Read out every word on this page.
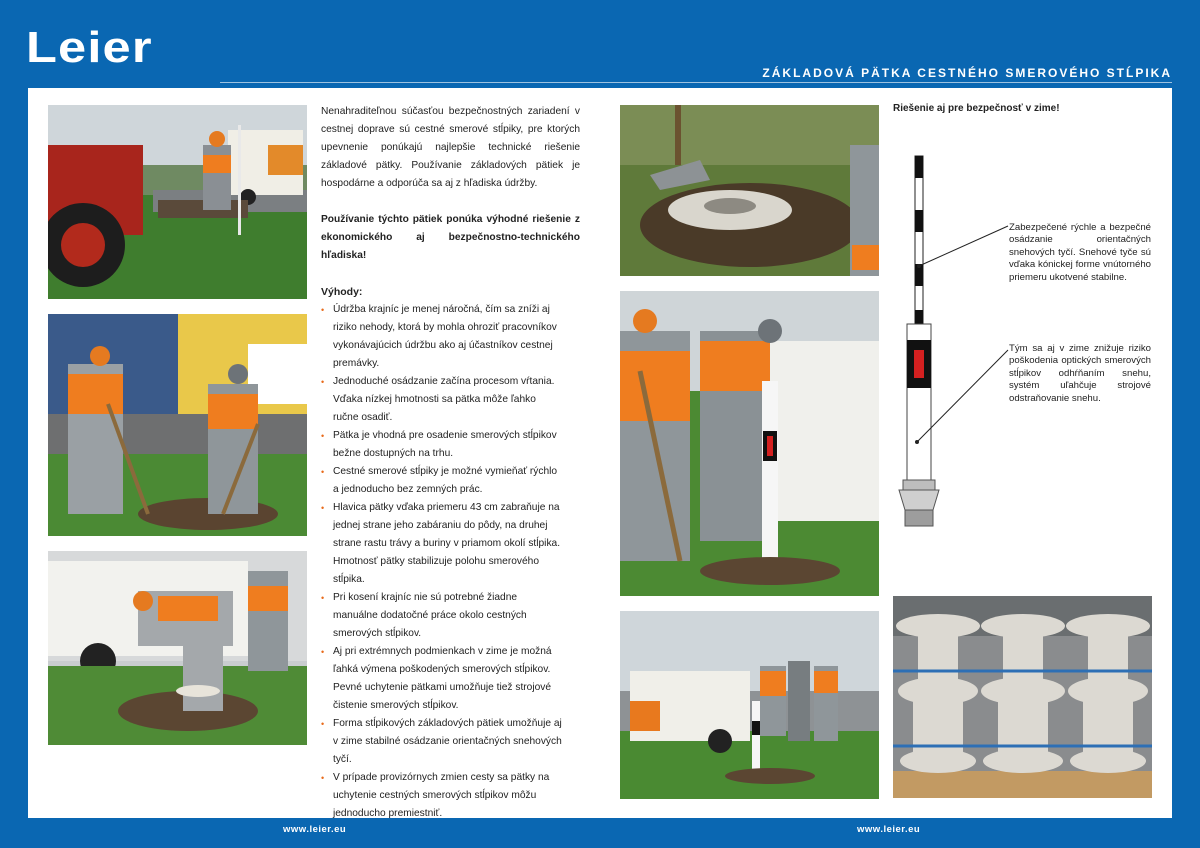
Leier
ZÁKLADOVÁ PÄTKA CESTNÉHO SMEROVÉHO STĹPIKA

Nenahraditeľnou súčasťou bezpečnostných zariadení v cestnej doprave sú cestné smerové stĺpiky, pre ktorých upevnenie ponúkajú najlepšie technické riešenie základové pätky. Používanie základových pätiek je hospodárne a odporúča sa aj z hľadiska údržby.

Používanie týchto pätiek ponúka výhodné riešenie z ekonomického aj bezpečnostno-technického hľadiska!

Výhody:
• Údržba krajníc je menej náročná, čím sa zníži aj riziko nehody, ktorá by mohla ohroziť pracovníkov vykonávajúcich údržbu ako aj účastníkov cestnej premávky.
• Jednoduché osádzanie začína procesom vŕtania. Vďaka nízkej hmotnosti sa pätka môže ľahko ručne osadiť.
• Pätka je vhodná pre osadenie smerových stĺpikov bežne dostupných na trhu.
• Cestné smerové stĺpiky je možné vymieňať rýchlo a jednoducho bez zemných prác.
• Hlavica pätky vďaka priemeru 43 cm zabraňuje na jednej strane jeho zabáraniu do pôdy, na druhej strane rastu trávy a buriny v priamom okolí stĺpika. Hmotnosť pätky stabilizuje polohu smerového stĺpika.
• Pri kosení krajníc nie sú potrebné žiadne manuálne dodatočné práce okolo cestných smerových stĺpikov.
• Aj pri extrémnych podmienkach v zime je možná ľahká výmena poškodených smerových stĺpikov. Pevné uchytenie pätkami umožňuje tiež strojové čistenie smerových stĺpikov.
• Forma stĺpikových základových pätiek umožňuje aj v zime stabilné osádzanie orientačných snehových tyčí.
• V prípade provizórnych zmien cesty sa pätky na uchytenie cestných smerových stĺpikov môžu jednoducho premiestniť.
Riešenie aj pre bezpečnosť v zime!
Zabezpečené rýchle a bezpečné osádzanie orientačných snehových tyčí. Snehové tyče sú vďaka kónickej forme vnútorného priemeru ukotvené stabilne.
Tým sa aj v zime znižuje riziko poškodenia optických smerových stĺpikov odhŕňaním snehu, systém uľahčuje strojové odstraňovanie snehu.
www.leier.eu	www.leier.eu
